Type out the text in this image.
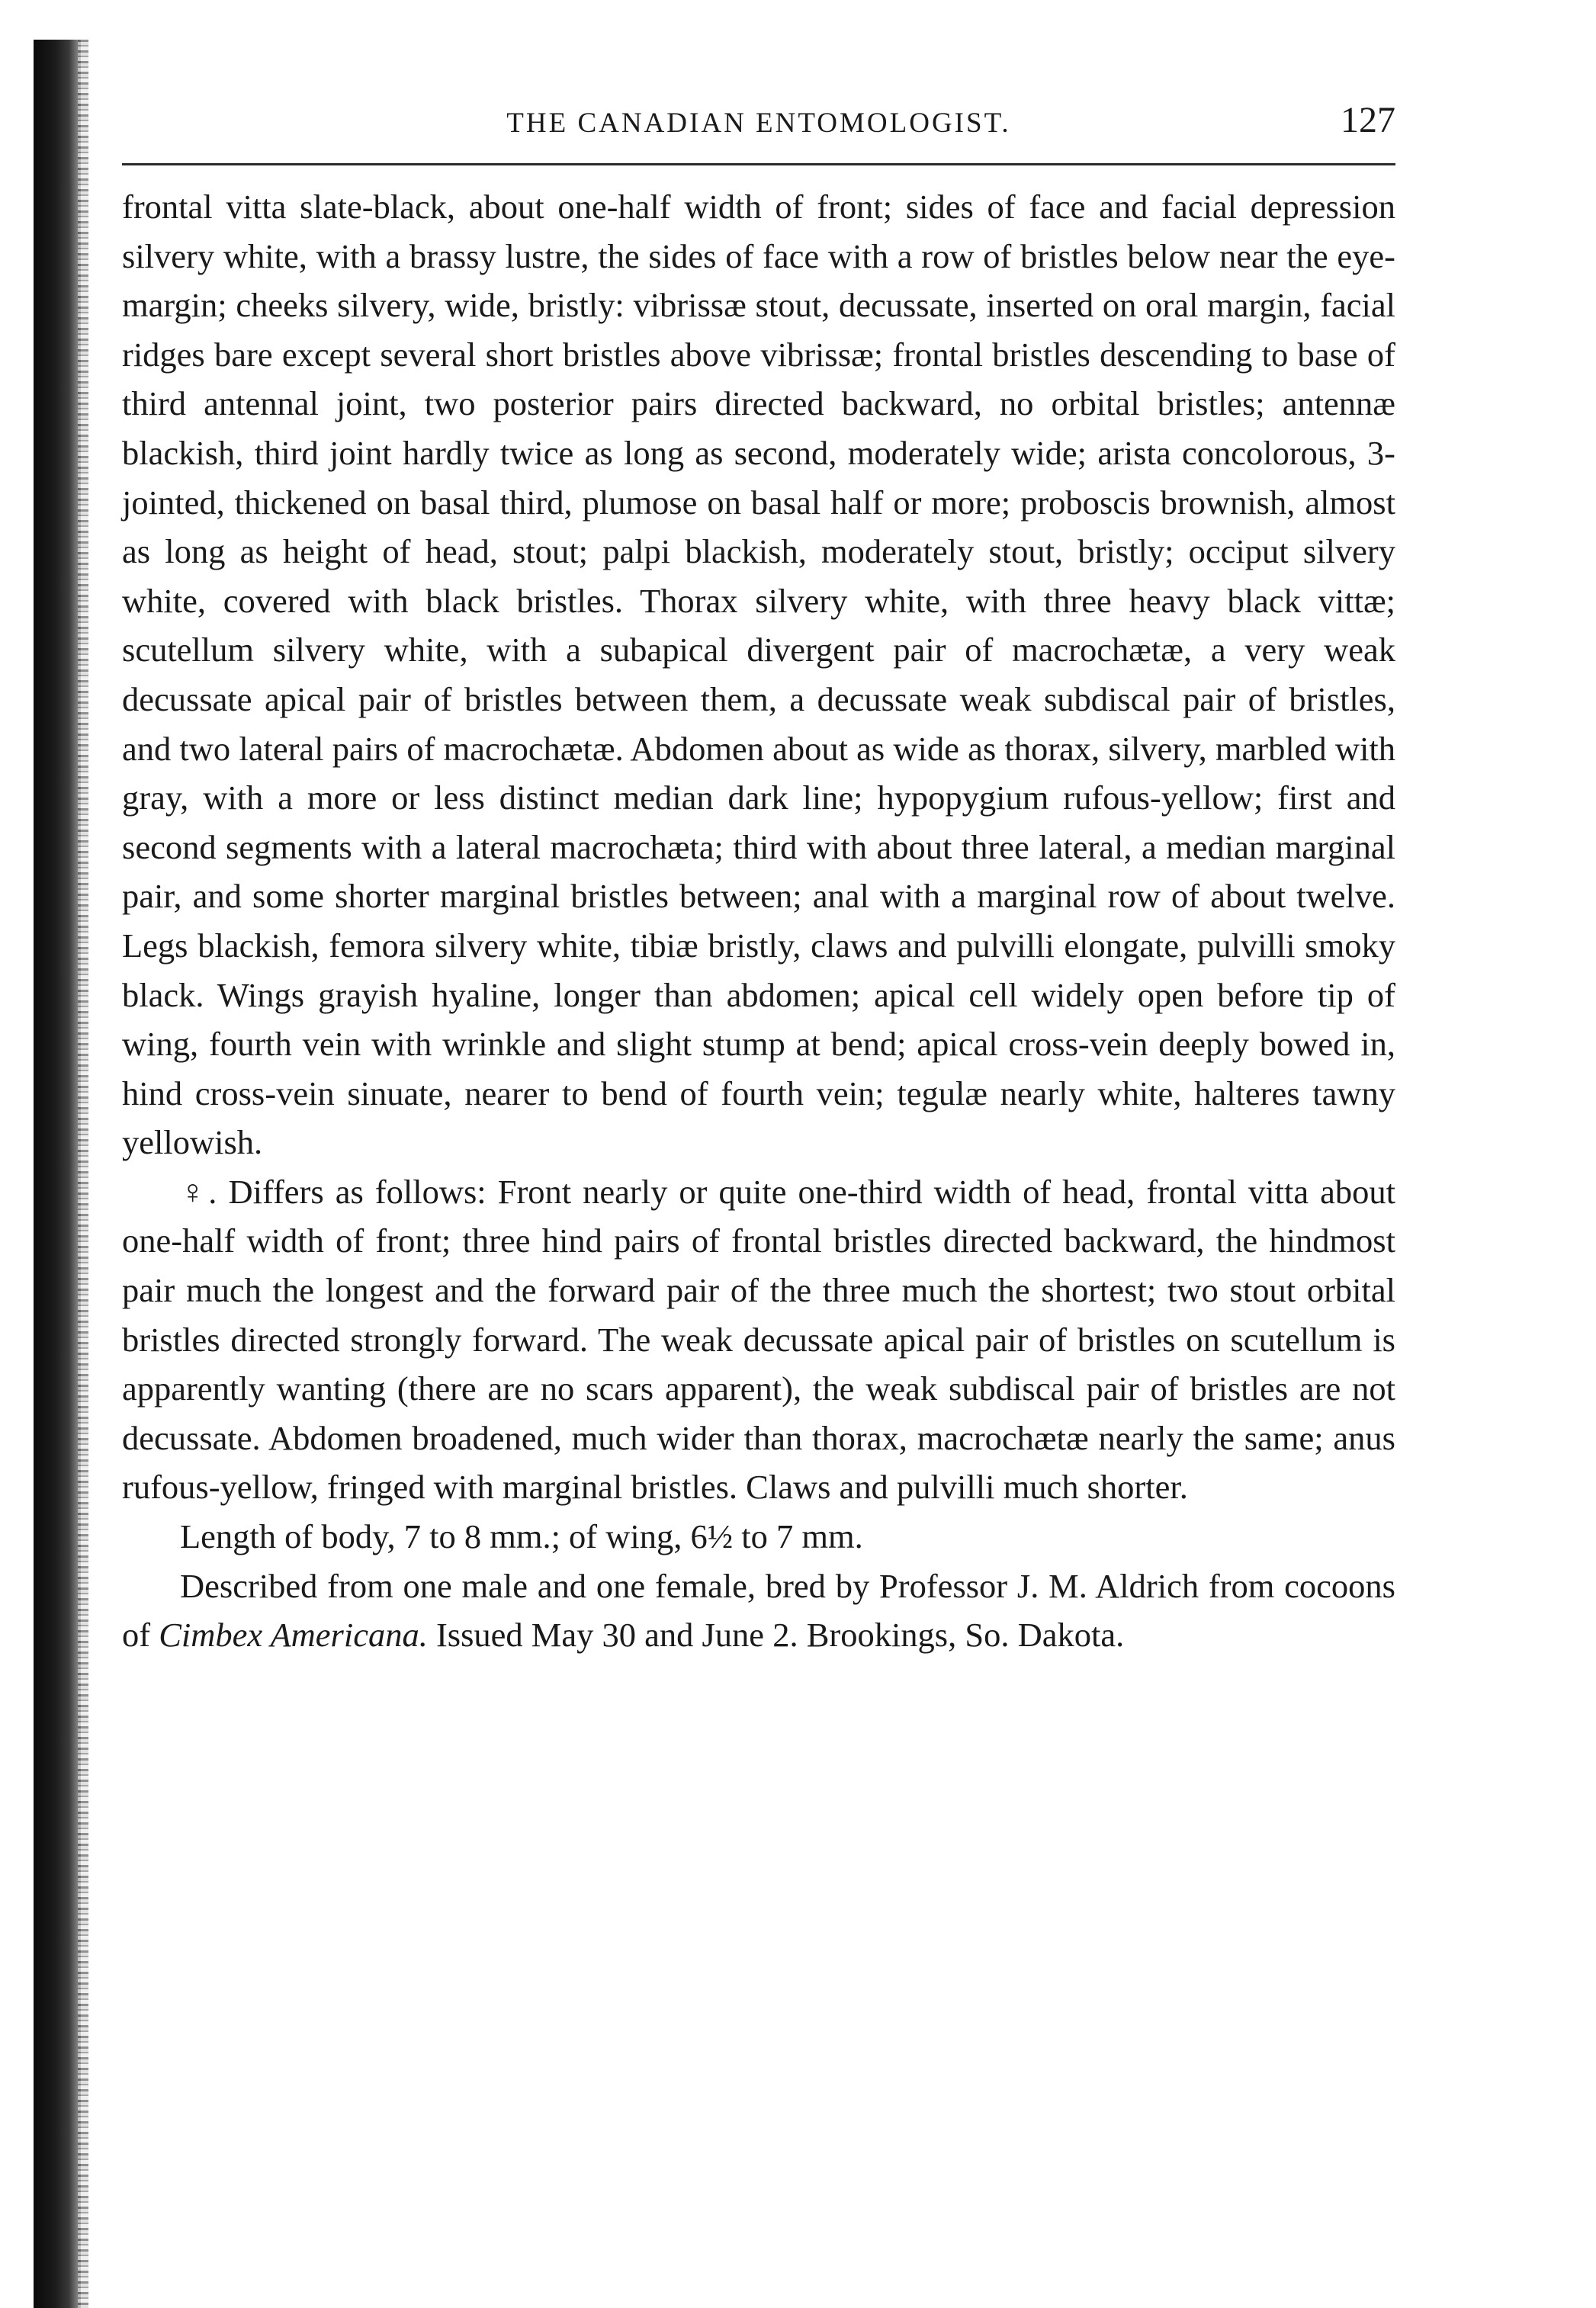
THE CANADIAN ENTOMOLOGIST.	127

frontal vitta slate-black, about one-half width of front; sides of face and facial depression silvery white, with a brassy lustre, the sides of face with a row of bristles below near the eye-margin; cheeks silvery, wide, bristly: vibrissæ stout, decussate, inserted on oral margin, facial ridges bare except several short bristles above vibrissæ; frontal bristles descending to base of third antennal joint, two posterior pairs directed backward, no orbital bristles; antennæ blackish, third joint hardly twice as long as second, moderately wide; arista concolorous, 3-jointed, thickened on basal third, plumose on basal half or more; proboscis brownish, almost as long as height of head, stout; palpi blackish, moderately stout, bristly; occiput silvery white, covered with black bristles. Thorax silvery white, with three heavy black vittæ; scutellum silvery white, with a subapical divergent pair of macrochætæ, a very weak decussate apical pair of bristles between them, a decussate weak subdiscal pair of bristles, and two lateral pairs of macrochætæ. Abdomen about as wide as thorax, silvery, marbled with gray, with a more or less distinct median dark line; hypopygium rufous-yellow; first and second segments with a lateral macrochæta; third with about three lateral, a median marginal pair, and some shorter marginal bristles between; anal with a marginal row of about twelve. Legs blackish, femora silvery white, tibiæ bristly, claws and pulvilli elongate, pulvilli smoky black. Wings grayish hyaline, longer than abdomen; apical cell widely open before tip of wing, fourth vein with wrinkle and slight stump at bend; apical cross-vein deeply bowed in, hind cross-vein sinuate, nearer to bend of fourth vein; tegulæ nearly white, halteres tawny yellowish.

♀. Differs as follows: Front nearly or quite one-third width of head, frontal vitta about one-half width of front; three hind pairs of frontal bristles directed backward, the hindmost pair much the longest and the forward pair of the three much the shortest; two stout orbital bristles directed strongly forward. The weak decussate apical pair of bristles on scutellum is apparently wanting (there are no scars apparent), the weak subdiscal pair of bristles are not decussate. Abdomen broadened, much wider than thorax, macrochætæ nearly the same; anus rufous-yellow, fringed with marginal bristles. Claws and pulvilli much shorter.

Length of body, 7 to 8 mm.; of wing, 6½ to 7 mm.

Described from one male and one female, bred by Professor J. M. Aldrich from cocoons of Cimbex Americana. Issued May 30 and June 2. Brookings, So. Dakota.
